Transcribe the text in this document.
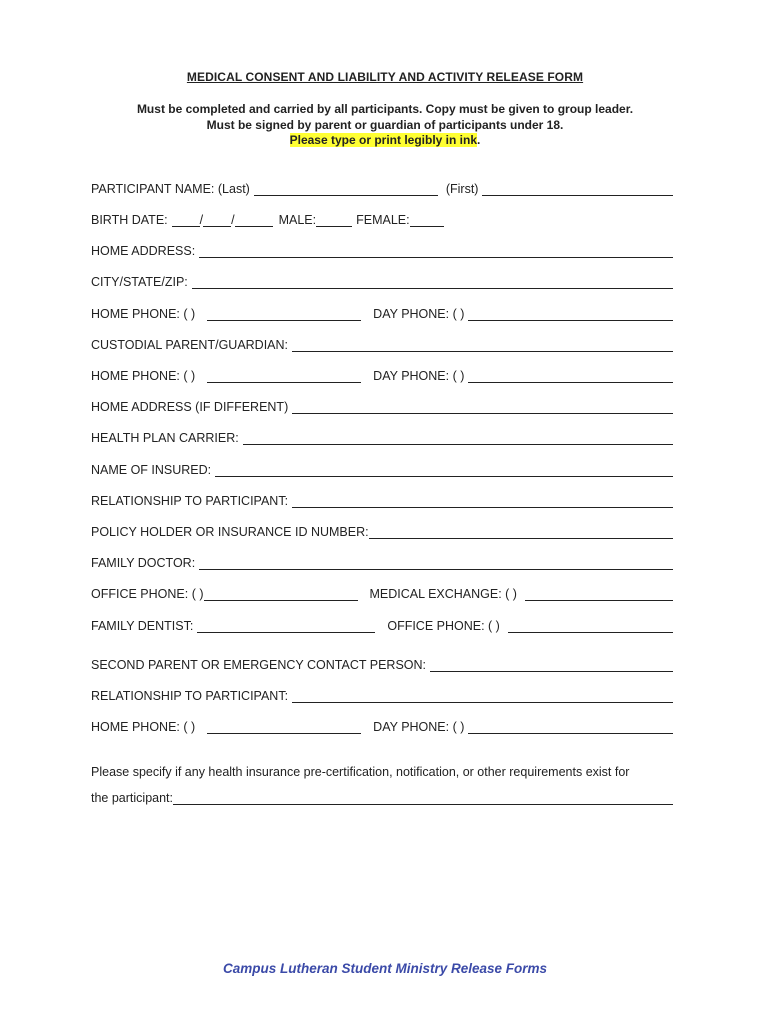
MEDICAL CONSENT AND LIABILITY AND ACTIVITY RELEASE FORM
Must be completed and carried by all participants. Copy must be given to group leader.
Must be signed by parent or guardian of participants under 18.
Please type or print legibly in ink.
PARTICIPANT NAME: (Last)	(First)
BIRTH DATE:	/ /	MALE:	FEMALE:
HOME ADDRESS:
CITY/STATE/ZIP:
HOME PHONE: ( )	DAY PHONE: ( )
CUSTODIAL PARENT/GUARDIAN:
HOME PHONE: ( )	DAY PHONE: ( )
HOME ADDRESS (IF DIFFERENT)
HEALTH PLAN CARRIER:
NAME OF INSURED:
RELATIONSHIP TO PARTICIPANT:
POLICY HOLDER OR INSURANCE ID NUMBER:
FAMILY DOCTOR:
OFFICE PHONE: ( )	MEDICAL EXCHANGE: ( )
FAMILY DENTIST:	OFFICE PHONE: ( )
SECOND PARENT OR EMERGENCY CONTACT PERSON:
RELATIONSHIP TO PARTICIPANT:
HOME PHONE: ( )	DAY PHONE: ( )
Please specify if any health insurance pre-certification, notification, or other requirements exist for
the participant:
Campus Lutheran Student Ministry Release Forms
